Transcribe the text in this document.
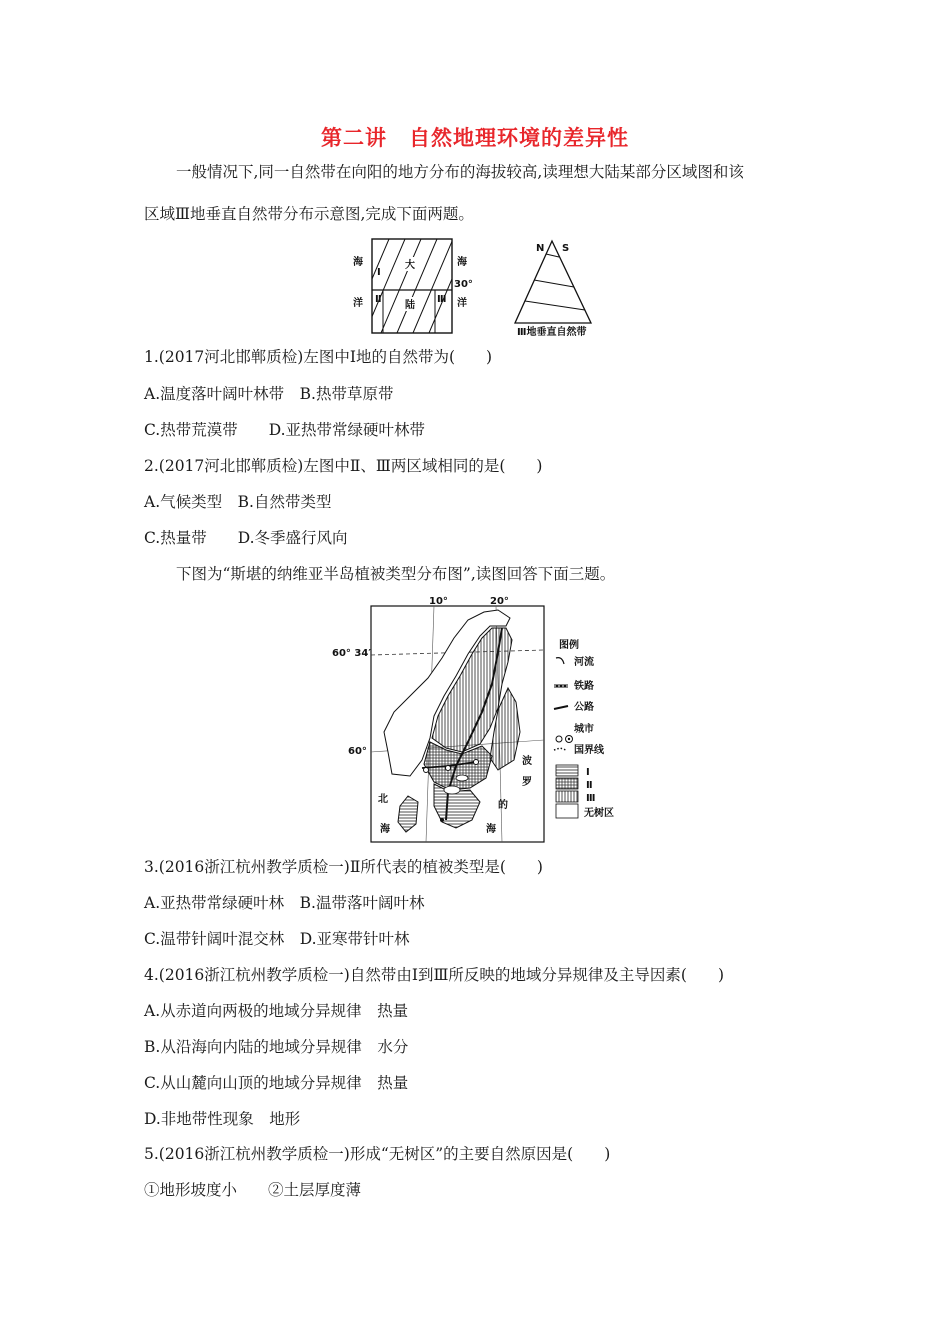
第二讲　自然地理环境的差异性
一般情况下,同一自然带在向阳的地方分布的海拔较高,读理想大陆某部分区域图和该
区域Ⅲ地垂直自然带分布示意图,完成下面两题。
海
洋
海
洋
大
陆
Ⅰ
Ⅱ	Ⅲ
30°
N S
Ⅲ地垂直自然带
1.(2017河北邯郸质检)左图中Ⅰ地的自然带为(　　)
A.温度落叶阔叶林带　B.热带草原带
C.热带荒漠带　　D.亚热带常绿硬叶林带
2.(2017河北邯郸质检)左图中Ⅱ、Ⅲ两区域相同的是(　　)
A.气候类型　B.自然带类型
C.热量带　　D.冬季盛行风向
下图为“斯堪的纳维亚半岛植被类型分布图”,读图回答下面三题。
10°	20°
60° 34′
60°
北
海
波
罗
的
海
图例
河流
铁路
公路
城市
国界线
Ⅰ
Ⅱ
Ⅲ
无树区
3.(2016浙江杭州教学质检一)Ⅱ所代表的植被类型是(　　)
A.亚热带常绿硬叶林　B.温带落叶阔叶林
C.温带针阔叶混交林　D.亚寒带针叶林
4.(2016浙江杭州教学质检一)自然带由Ⅰ到Ⅲ所反映的地域分异规律及主导因素(　　)
A.从赤道向两极的地域分异规律　热量
B.从沿海向内陆的地域分异规律　水分
C.从山麓向山顶的地域分异规律　热量
D.非地带性现象　地形
5.(2016浙江杭州教学质检一)形成“无树区”的主要自然原因是(　　)
①地形坡度小　　②土层厚度薄
